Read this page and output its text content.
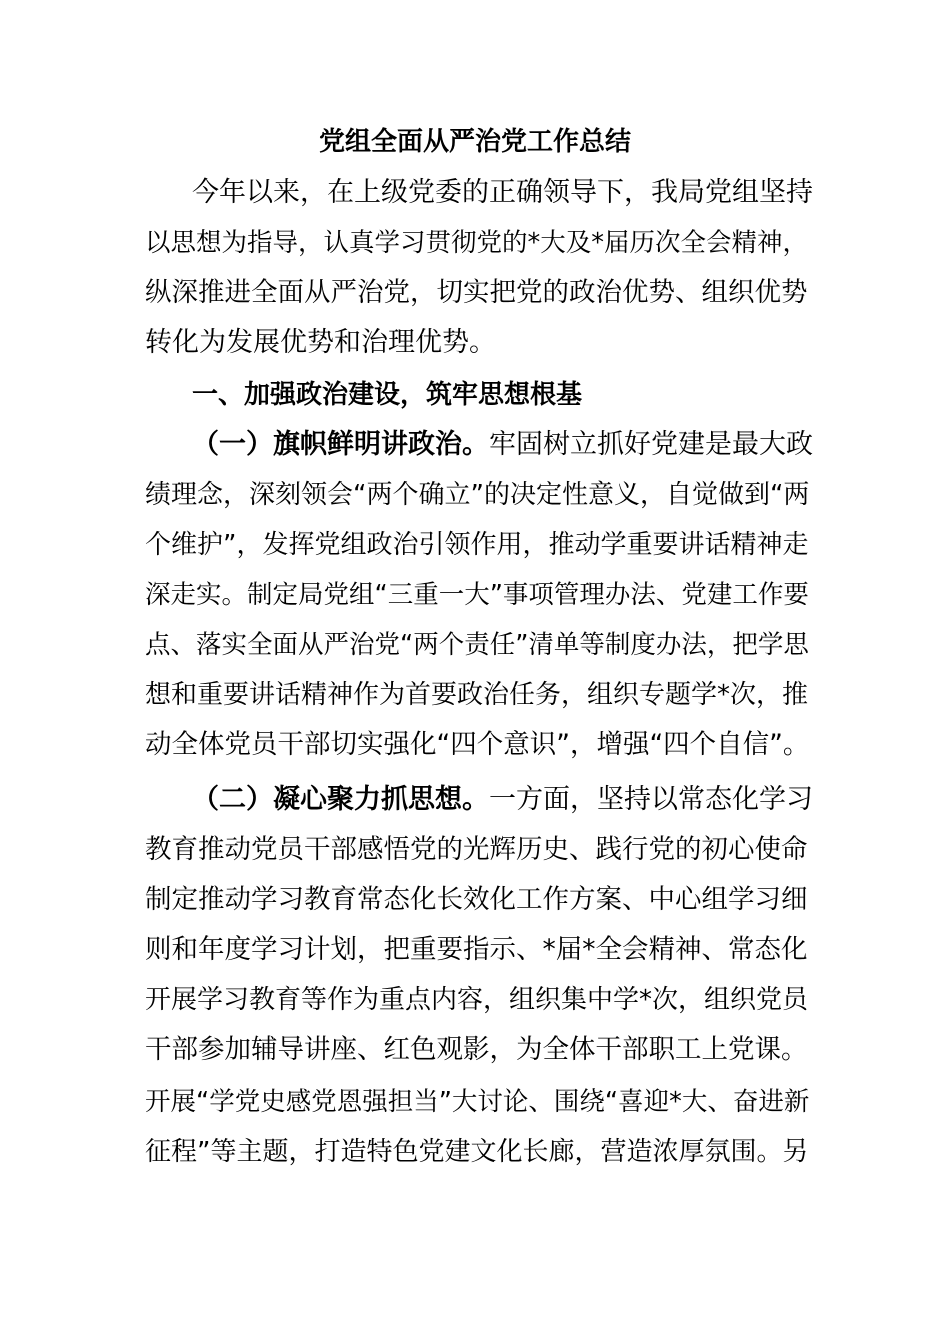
党组全面从严治党工作总结
今年以来，在上级党委的正确领导下，我局党组坚持
以思想为指导，认真学习贯彻党的*大及*届历次全会精神，
纵深推进全面从严治党，切实把党的政治优势、组织优势
转化为发展优势和治理优势。
一、加强政治建设，筑牢思想根基
（一）旗帜鲜明讲政治。牢固树立抓好党建是最大政
绩理念，深刻领会“两个确立”的决定性意义，自觉做到“两
个维护”，发挥党组政治引领作用，推动学重要讲话精神走
深走实。制定局党组“三重一大”事项管理办法、党建工作要
点、落实全面从严治党“两个责任”清单等制度办法，把学思
想和重要讲话精神作为首要政治任务，组织专题学*次，推
动全体党员干部切实强化“四个意识”，增强“四个自信”。
（二）凝心聚力抓思想。一方面，坚持以常态化学习
教育推动党员干部感悟党的光辉历史、践行党的初心使命
制定推动学习教育常态化长效化工作方案、中心组学习细
则和年度学习计划，把重要指示、*届*全会精神、常态化
开展学习教育等作为重点内容，组织集中学*次，组织党员
干部参加辅导讲座、红色观影，为全体干部职工上党课。
开展“学党史感党恩强担当”大讨论、围绕“喜迎*大、奋进新
征程”等主题，打造特色党建文化长廊，营造浓厚氛围。另
